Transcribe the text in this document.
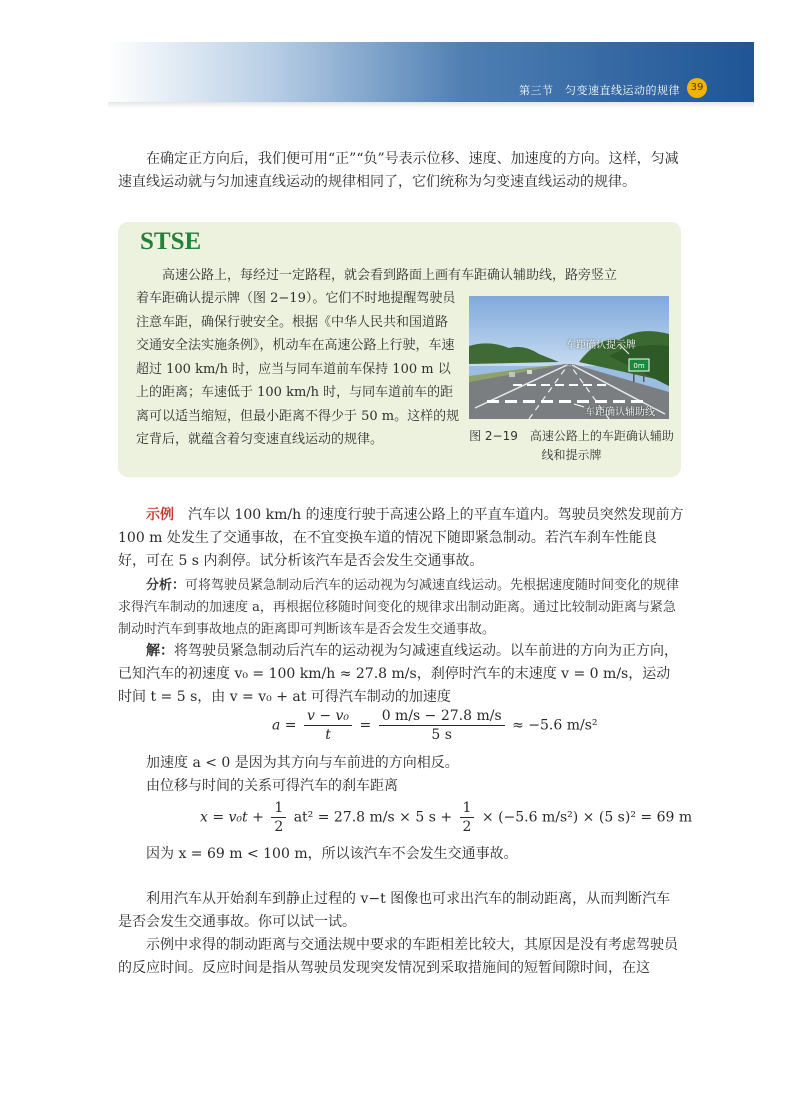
第三节　匀变速直线运动的规律	39

在确定正方向后，我们便可用“正”“负”号表示位移、速度、加速度的方向。这样，匀减速直线运动就与匀加速直线运动的规律相同了，它们统称为匀变速直线运动的规律。

STSE

高速公路上，每经过一定路程，就会看到路面上画有车距确认辅助线，路旁竖立

着车距确认提示牌（图 2−19）。它们不时地提醒驾驶员注意车距，确保行驶安全。根据《中华人民共和国道路交通安全法实施条例》，机动车在高速公路上行驶，车速超过 100 km/h 时，应当与同车道前车保持 100 m 以上的距离；车速低于 100 km/h 时，与同车道前车的距离可以适当缩短，但最小距离不得少于 50 m。这样的规定背后，就蕴含着匀变速直线运动的规律。

0m
车距确认提示牌
车距确认辅助线
图 2−19　高速公路上的车距确认辅助线和提示牌

示例　 汽车以 100 km/h 的速度行驶于高速公路上的平直车道内。驾驶员突然发现前方 100 m 处发生了交通事故，在不宜变换车道的情况下随即紧急制动。若汽车刹车性能良好，可在 5 s 内刹停。试分析该汽车是否会发生交通事故。

分析：可将驾驶员紧急制动后汽车的运动视为匀减速直线运动。先根据速度随时间变化的规律求得汽车制动的加速度 a，再根据位移随时间变化的规律求出制动距离。通过比较制动距离与紧急制动时汽车到事故地点的距离即可判断该车是否会发生交通事故。

解：将驾驶员紧急制动后汽车的运动视为匀减速直线运动。以车前进的方向为正方向，已知汽车的初速度 v₀ = 100 km/h ≈ 27.8 m/s，刹停时汽车的末速度 v = 0 m/s，运动时间 t = 5 s，由 v = v₀ + at 可得汽车制动的加速度

$a = \frac{\text{v − v₀}}{t} = \frac{0 m/s - 27.8 m/s}{5 s} \approx -5.6$ m/s²

加速度 a < 0 是因为其方向与车前进的方向相反。

由位移与时间的关系可得汽车的刹车距离

$x = v_0t + \frac{1}{2} at^2 = 27.8$ m/s × 5 $s + \frac{1}{2} \times (-5.6$ m/s²) × (5 s)² = 69 m

因为 x = 69 m < 100 m，所以该汽车不会发生交通事故。

利用汽车从开始刹车到静止过程的 v−t 图像也可求出汽车的制动距离，从而判断汽车是否会发生交通事故。你可以试一试。

示例中求得的制动距离与交通法规中要求的车距相差比较大，其原因是没有考虑驾驶员的反应时间。反应时间是指从驾驶员发现突发情况到采取措施间的短暂间隙时间，在这
